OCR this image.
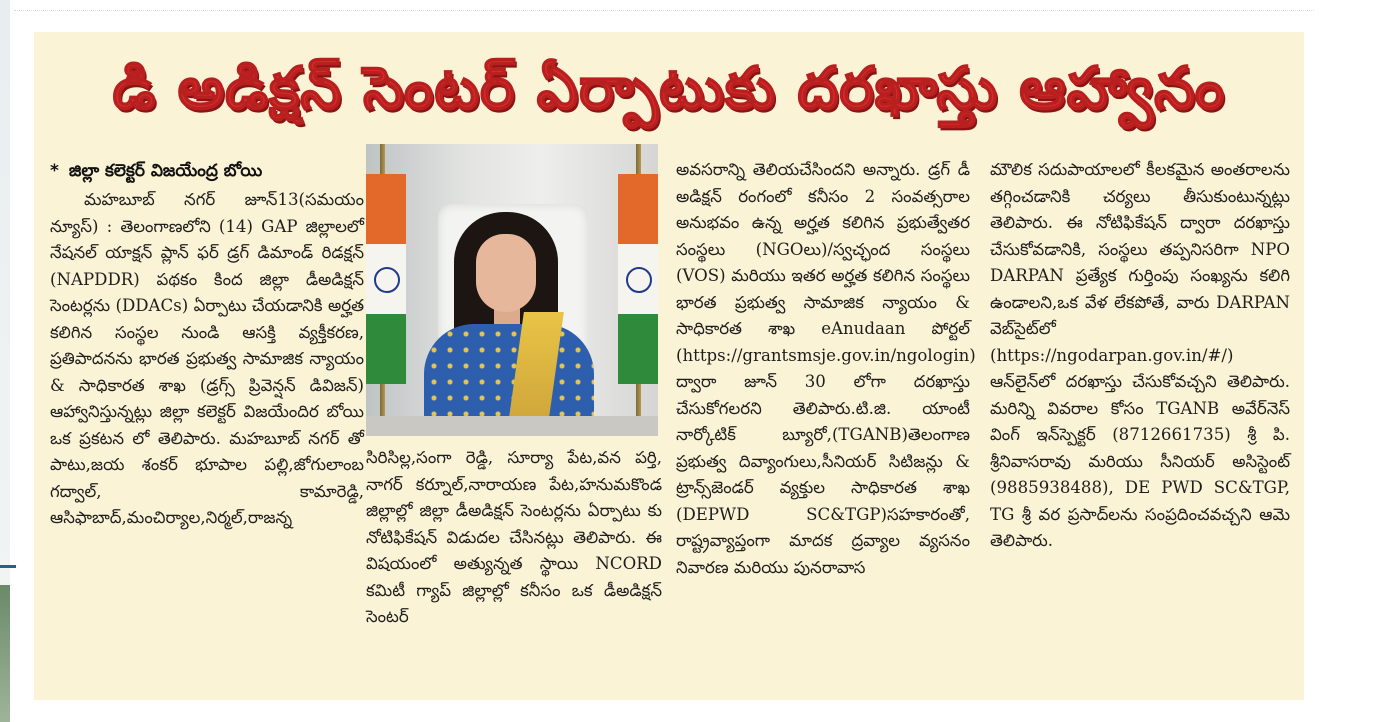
డి అడిక్షన్ సెంటర్ ఏర్పాటుకు దరఖాస్తు ఆహ్వానం
* జిల్లా కలెక్టర్ విజయేంద్ర బోయి

మహబూబ్ నగర్ జూన్13(సమయం న్యూస్) : తెలంగాణలోని (14) GAP జిల్లాలలో నేషనల్ యాక్షన్ ప్లాన్ ఫర్ డ్రగ్ డిమాండ్ రిడక్షన్ (NAPDDR) పథకం కింద జిల్లా డీఅడిక్షన్ సెంటర్లను (DDACs) ఏర్పాటు చేయడానికి అర్హత కలిగిన సంస్థల నుండి ఆసక్తి వ్యక్తీకరణ, ప్రతిపాదనను భారత ప్రభుత్వ సామాజిక న్యాయం & సాధికారత శాఖ (డ్రగ్స్ ప్రివెన్షన్ డివిజన్) ఆహ్వానిస్తున్నట్లు జిల్లా కలెక్టర్ విజయేందిర బోయి ఒక ప్రకటన లో తెలిపారు. మహబూబ్ నగర్ తో పాటు,జయ శంకర్ భూపాల పల్లి,జోగులాంబ గద్వాల్, కామారెడ్డి, ఆసిఫాబాద్,మంచిర్యాల,నిర్మల్,రాజన్న

సిరిసిల్ల,సంగా రెడ్డి, సూర్యా పేట,వన పర్తి, నాగర్ కర్నూల్,నారాయణ పేట,హనుమకొండ జిల్లాల్లో జిల్లా డీఅడిక్షన్ సెంటర్లను ఏర్పాటు కు నోటిఫికేషన్ విడుదల చేసినట్లు తెలిపారు. ఈ విషయంలో అత్యున్నత స్థాయి NCORD కమిటీ గ్యాప్ జిల్లాల్లో కనీసం ఒక డీఅడిక్షన్ సెంటర్

అవసరాన్ని తెలియచేసిందని అన్నారు. డ్రగ్ డీ అడిక్షన్ రంగంలో కనీసం 2 సంవత్సరాల అనుభవం ఉన్న అర్హత కలిగిన ప్రభుత్వేతర సంస్థలు (NGOలు)/స్వచ్ఛంద సంస్థలు (VOS) మరియు ఇతర అర్హత కలిగిన సంస్థలు భారత ప్రభుత్వ సామాజిక న్యాయం & సాధికారత శాఖ eAnudaan పోర్టల్ (https://grantsmsje.gov.in/ngologin) ద్వారా జూన్ 30 లోగా దరఖాస్తు చేసుకోగలరని తెలిపారు.టి.జి. యాంటీ నార్కోటిక్ బ్యూరో,(TGANB)తెలంగాణ ప్రభుత్వ దివ్యాంగులు,సీనియర్ సిటిజన్లు & ట్రాన్స్‌జెండర్ వ్యక్తుల సాధికారత శాఖ (DEPWD SC&TGP)సహకారంతో, రాష్ట్రవ్యాప్తంగా మాదక ద్రవ్యాల వ్యసనం నివారణ మరియు పునరావాస

మౌలిక సదుపాయాలలో కీలకమైన అంతరాలను తగ్గించడానికి చర్యలు తీసుకుంటున్నట్లు తెలిపారు. ఈ నోటిఫికేషన్ ద్వారా దరఖాస్తు చేసుకోవడానికి, సంస్థలు తప్పనిసరిగా NPO DARPAN ప్రత్యేక గుర్తింపు సంఖ్యను కలిగి ఉండాలని,ఒక వేళ లేకపోతే, వారు DARPAN వెబ్‌సైట్‌లో (https://ngodarpan.gov.in/#/) ఆన్‌లైన్‌లో దరఖాస్తు చేసుకోవచ్చని తెలిపారు. మరిన్ని వివరాల కోసం TGANB అవేర్‌నెస్ వింగ్ ఇన్‌స్పెక్టర్ (8712661735) శ్రీ పి. శ్రీనివాసరావు మరియు సీనియర్ అసిస్టెంట్ (9885938488), DE PWD SC&TGP, TG శ్రీ వర ప్రసాద్‌లను సంప్రదించవచ్చని ఆమె తెలిపారు.
